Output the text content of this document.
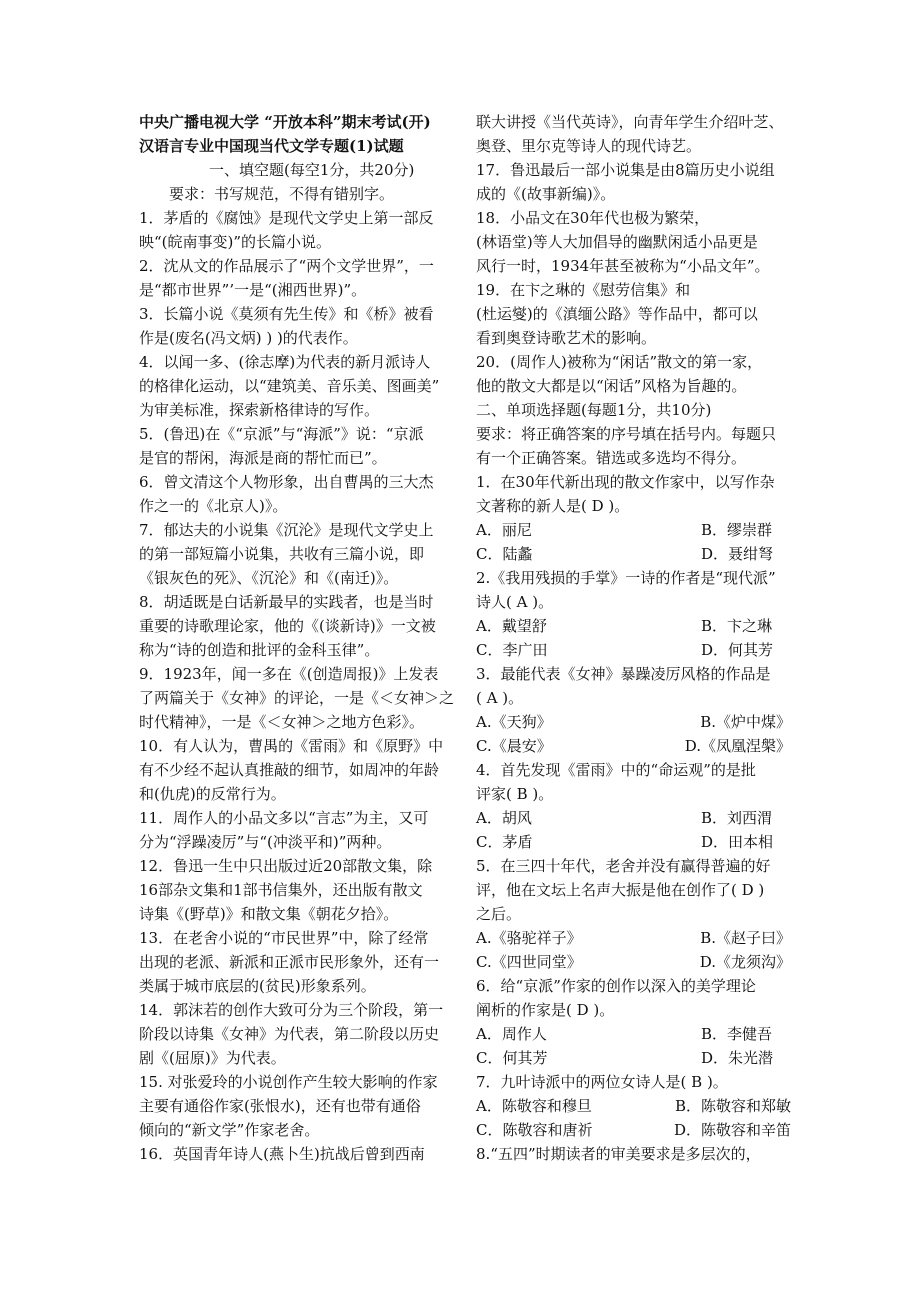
中央广播电视大学 “开放本科”期末考试(开)
汉语言专业中国现当代文学专题(1)试题
一、填空题(每空1分，共20分)
要求：书写规范，不得有错别字。
1．茅盾的《腐蚀》是现代文学史上第一部反
映“(皖南事变)”的长篇小说。
2．沈从文的作品展示了“两个文学世界”，一
是“都市世界”’一是“(湘西世界)”。
3．长篇小说《莫须有先生传》和《桥》被看
作是(废名(冯文炳) ) )的代表作。
4．以闻一多、(徐志摩)为代表的新月派诗人
的格律化运动，以“建筑美、音乐美、图画美”
为审美标准，探索新格律诗的写作。
5．(鲁迅)在《“京派”与“海派”》说：“京派
是官的帮闲，海派是商的帮忙而已”。
6．曾文清这个人物形象，出自曹禺的三大杰
作之一的《北京人)》。
7．郁达夫的小说集《沉沦》是现代文学史上
的第一部短篇小说集，共收有三篇小说，即
《银灰色的死》、《沉沦》和《(南迁)》。
8．胡适既是白话新最早的实践者，也是当时
重要的诗歌理论家，他的《(谈新诗)》一文被
称为“诗的创造和批评的金科玉律”。
9．1923年，闻一多在《(创造周报)》上发表
了两篇关于《女神》的评论，一是《＜女神＞之
时代精神》，一是《＜女神＞之地方色彩》。
10．有人认为，曹禺的《雷雨》和《原野》中
有不少经不起认真推敲的细节，如周冲的年龄
和(仇虎)的反常行为。
11．周作人的小品文多以“言志”为主，又可
分为“浮躁凌厉”与“(冲淡平和)”两种。
12．鲁迅一生中只出版过近20部散文集，除
16部杂文集和1部书信集外，还出版有散文
诗集《(野草)》和散文集《朝花夕拾》。
13．在老舍小说的“市民世界”中，除了经常
出现的老派、新派和正派市民形象外，还有一
类属于城市底层的(贫民)形象系列。
14．郭沫若的创作大致可分为三个阶段，第一
阶段以诗集《女神》为代表，第二阶段以历史
剧《(屈原)》为代表。
15. 对张爱玲的小说创作产生较大影响的作家
主要有通俗作家(张恨水)，还有也带有通俗
倾向的“新文学”作家老舍。
16．英国青年诗人(燕卜生)抗战后曾到西南
联大讲授《当代英诗》，向青年学生介绍叶芝、
奥登、里尔克等诗人的现代诗艺。
17．鲁迅最后一部小说集是由8篇历史小说组
成的《(故事新编)》。
18．小品文在30年代也极为繁荣，
(林语堂)等人大加倡导的幽默闲适小品更是
风行一时，1934年甚至被称为“小品文年”。
19．在卞之琳的《慰劳信集》和
(杜运燮)的《滇缅公路》等作品中，都可以
看到奥登诗歌艺术的影响。
20．(周作人)被称为“闲话”散文的第一家，
他的散文大都是以“闲话”风格为旨趣的。
二、单项选择题(每题1分，共10分)
要求：将正确答案的序号填在括号内。每题只
有一个正确答案。错选或多选均不得分。
1．在30年代新出现的散文作家中，以写作杂
文著称的新人是( D )。
A．丽尼	B．缪崇群
C．陆蠡	D．聂绀弩
2.《我用残损的手掌》一诗的作者是“现代派”
诗人( A )。
A．戴望舒	B．卞之琳
C．李广田	D．何其芳
3．最能代表《女神》暴躁凌厉风格的作品是
( A )。
A.《天狗》	B.《炉中煤》
C.《晨安》	D.《凤凰涅槃》
4．首先发现《雷雨》中的“命运观”的是批
评家( B )。
A．胡风	B．刘西渭
C．茅盾	D．田本相
5．在三四十年代，老舍并没有赢得普遍的好
评，他在文坛上名声大振是他在创作了( D )
之后。
A.《骆驼祥子》	B.《赵子曰》
C.《四世同堂》	D.《龙须沟》
6．给“京派”作家的创作以深入的美学理论
阐析的作家是( D )。
A．周作人	B．李健吾
C．何其芳	D．朱光潜
7．九叶诗派中的两位女诗人是( B )。
A．陈敬容和穆旦	B．陈敬容和郑敏
C．陈敬容和唐祈	D．陈敬容和辛笛
8.“五四”时期读者的审美要求是多层次的，
